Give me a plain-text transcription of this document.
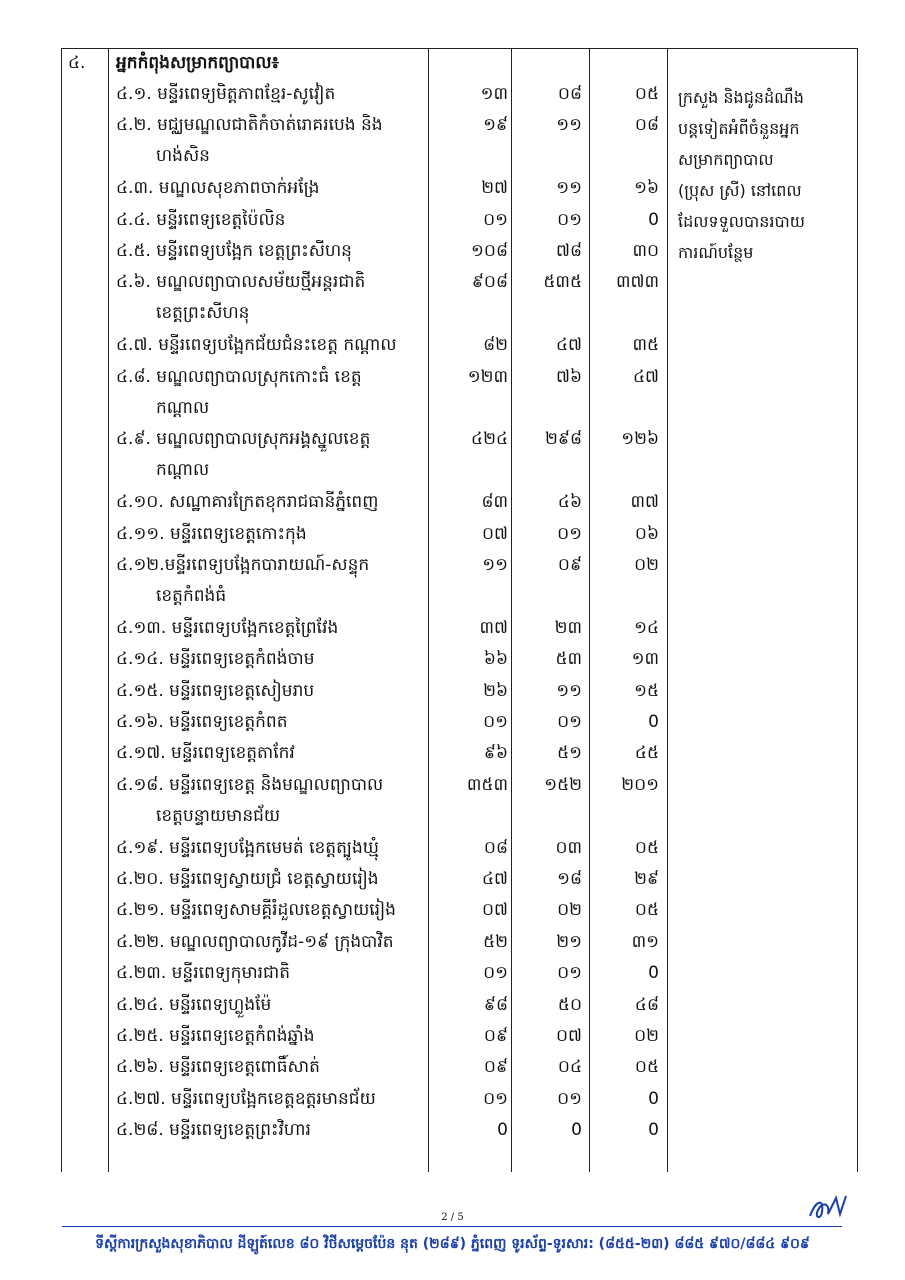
៤. អ្នកកំពុងសម្រាកព្យាបាល៖
ក្រសួង និងជូនដំណឹង
បន្តទៀតអំពីចំនួនអ្នក
សម្រាកព្យាបាល
(ប្រុស ស្រី) នៅពេល
ដែលទទួលបានរបាយ
ការណ៍បន្ថែម
៤.១. មន្ទីរពេទ្យមិត្តភាពខ្មែរ-សូវៀត	១៣	០៨	០៥
៤.២. មជ្ឈមណ្ឌលជាតិកំចាត់រោគរបេង និង
ហង់សិន
១៩	១១	០៨
៤.៣. មណ្ឌលសុខភាពចាក់អង្រែ	២៧	១១	១៦
៤.៤. មន្ទីរពេទ្យខេត្តប៉ៃលិន	០១	០១	0
៤.៥. មន្ទីរពេទ្យបង្អែក ខេត្តព្រះសីហនុ	១០៨	៧៨	៣០
៤.៦. មណ្ឌលព្យាបាលសម័យថ្មីអន្តរជាតិ
ខេត្តព្រះសីហនុ
៩០៨	៥៣៥	៣៧៣
៤.៧. មន្ទីរពេទ្យបង្អែកជ័យជំនះខេត្ត កណ្ដាល	៨២	៤៧	៣៥
៤.៨. មណ្ឌលព្យាបាលស្រុកកោះធំ ខេត្ត
កណ្ដាល
១២៣	៧៦	៤៧
៤.៩. មណ្ឌលព្យាបាលស្រុកអង្គស្នួលខេត្ត
កណ្ដាល
៤២៤	២៩៨	១២៦
៤.១០. សណ្ឋាគារក្រែតខុករាជធានីភ្នំពេញ	៨៣	៤៦	៣៧
៤.១១. មន្ទីរពេទ្យខេត្តកោះកុង	០៧	០១	០៦
៤.១២.មន្ទីរពេទ្យបង្អែកបារាយណ៍-សន្ទុក
ខេត្តកំពង់ធំ
១១	០៩	០២
៤.១៣. មន្ទីរពេទ្យបង្អែកខេត្តព្រៃវែង	៣៧	២៣	១៤
៤.១៤. មន្ទីរពេទ្យខេត្តកំពង់ចាម	៦៦	៥៣	១៣
៤.១៥. មន្ទីរពេទ្យខេត្តសៀមរាប	២៦	១១	១៥
៤.១៦. មន្ទីរពេទ្យខេត្តកំពត	០១	០១	0
៤.១៧. មន្ទីរពេទ្យខេត្តតាកែវ	៩៦	៥១	៤៥
៤.១៨. មន្ទីរពេទ្យខេត្ត និងមណ្ឌលព្យាបាល
ខេត្តបន្ទាយមានជ័យ
៣៥៣	១៥២	២០១
៤.១៩. មន្ទីរពេទ្យបង្អែកមេមត់ ខេត្តត្បូងឃ្មុំ	០៨	០៣	០៥
៤.២០. មន្ទីរពេទ្យស្វាយជ្រំ ខេត្តស្វាយរៀង	៤៧	១៨	២៩
៤.២១. មន្ទីរពេទ្យសាមគ្គីរំដួលខេត្តស្វាយរៀង	០៧	០២	០៥
៤.២២. មណ្ឌលព្យាបាលកូវីដ-១៩ ក្រុងបាវិត	៥២	២១	៣១
៤.២៣. មន្ទីរពេទ្យកុមារជាតិ	០១	០១	0
៤.២៤. មន្ទីរពេទ្យហ្លួងម៉ែ	៩៨	៥០	៤៨
៤.២៥. មន្ទីរពេទ្យខេត្តកំពង់ឆ្នាំង	០៩	០៧	០២
៤.២៦. មន្ទីរពេទ្យខេត្តពោធិ៍សាត់	០៩	០៤	០៥
៤.២៧. មន្ទីរពេទ្យបង្អែកខេត្តឧត្តរមានជ័យ	០១	០១	0
៤.២៨. មន្ទីរពេទ្យខេត្តព្រះវិហារ	0	0	0
2 / 5
ទីស្តីការក្រសួងសុខាភិបាល ដីឡូត៍លេខ ៨០ វិថីសម្តេចប៉ែន នុត (២៨៩) ភ្នំពេញ ទូរស័ព្ទ-ទូរសារ: (៨៥៥-២៣) ៨៨៥ ៩៧០/៨៨៤ ៩០៩
